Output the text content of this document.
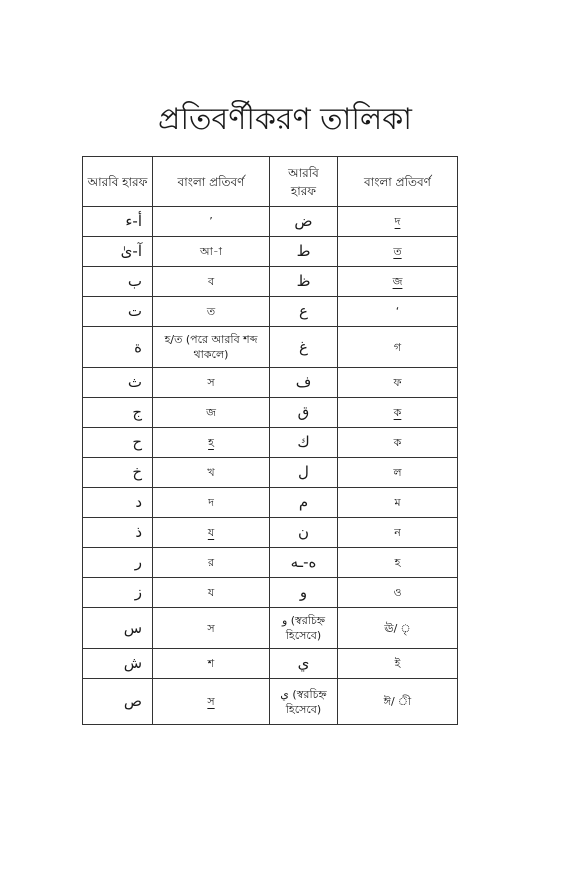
প্রতিবর্ণীকরণ তালিকা
আরবি হারফ	বাংলা প্রতিবর্ণ	আরবি হারফ	বাংলা প্রতিবর্ণ
أ-ء	’	ض	দ
آ-ىٰ	আ-া	ط	ত
ب	ব	ظ	জ
ت	ত	ع	‘
ة	হ/ত (পরে আরবি শব্দ থাকলে)	غ	গ
ث	স	ف	ফ
ج	জ	ق	ক
ح	হ	ك	ক
خ	খ	ل	ল
د	দ	م	ম
ذ	য	ن	ন
ر	র	ه-ـه	হ
ز	য	و	ও
س	স	و (স্বরচিহ্ন হিসেবে)	ঊ/ ৃ
ش	শ	ي	ই
ص	স	ي (স্বরচিহ্ন হিসেবে)	ঈ/ ী
